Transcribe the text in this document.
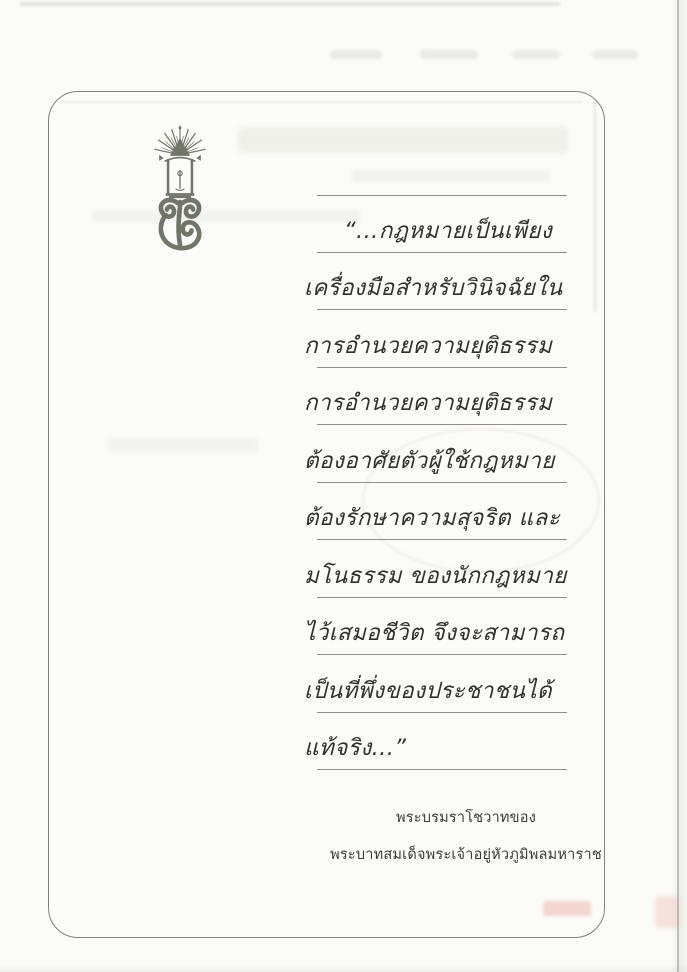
“...กฎหมายเป็นเพียง
เครื่องมือสำหรับวินิจฉัยใน
การอำนวยความยุติธรรม
การอำนวยความยุติธรรม
ต้องอาศัยตัวผู้ใช้กฎหมาย
ต้องรักษาความสุจริต และ
มโนธรรม ของนักกฎหมาย
ไว้เสมอชีวิต จึงจะสามารถ
เป็นที่พึ่งของประชาชนได้
แท้จริง...”
พระบรมราโชวาทของ
พระบาทสมเด็จพระเจ้าอยู่หัวภูมิพลมหาราช
